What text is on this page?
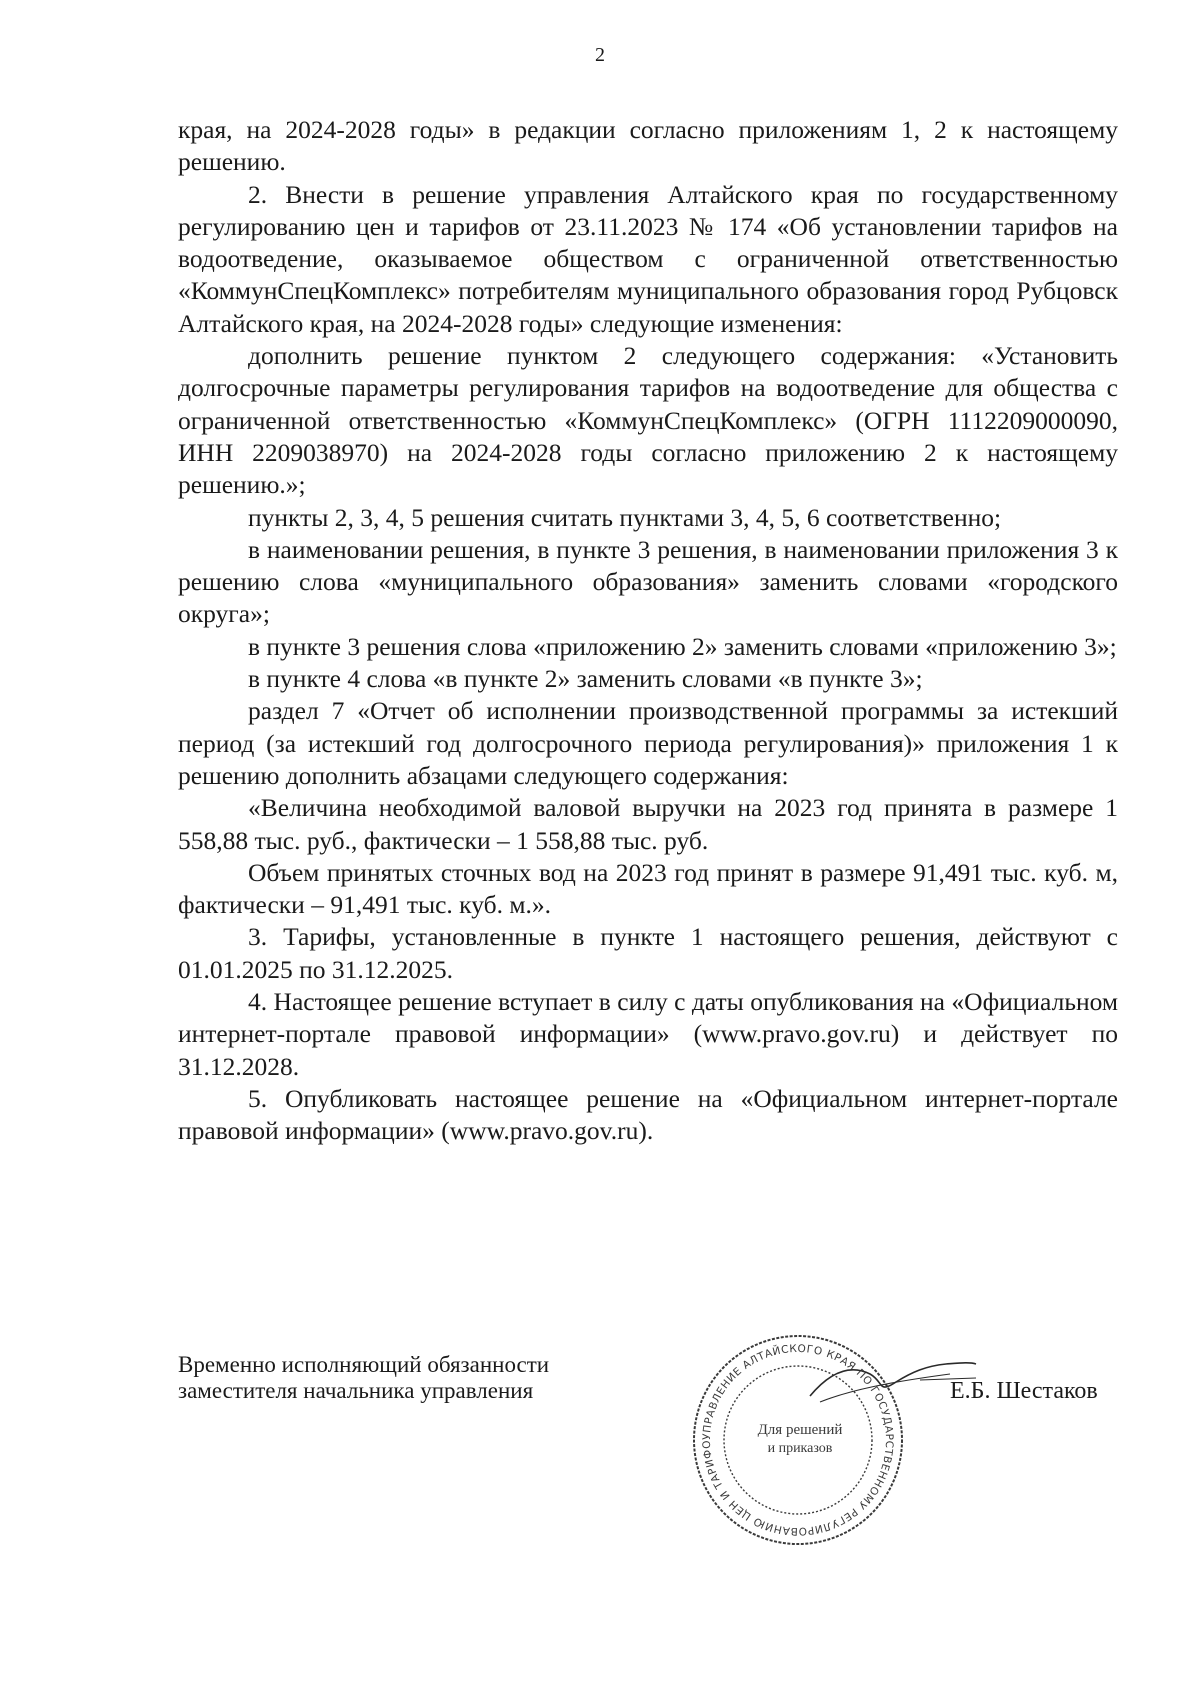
2

края, на 2024-2028 годы» в редакции согласно приложениям 1, 2 к настоящему решению.

2. Внести в решение управления Алтайского края по государственному регулированию цен и тарифов от 23.11.2023 № 174 «Об установлении тарифов на водоотведение, оказываемое обществом с ограниченной ответственностью «КоммунСпецКомплекс» потребителям муниципального образования город Рубцовск Алтайского края, на 2024-2028 годы» следующие изменения:

дополнить решение пунктом 2 следующего содержания: «Установить долгосрочные параметры регулирования тарифов на водоотведение для общества с ограниченной ответственностью «КоммунСпецКомплекс» (ОГРН 1112209000090, ИНН 2209038970) на 2024-2028 годы согласно приложению 2 к настоящему решению.»;

пункты 2, 3, 4, 5 решения считать пунктами 3, 4, 5, 6 соответственно;

в наименовании решения, в пункте 3 решения, в наименовании приложения 3 к решению слова «муниципального образования» заменить словами «городского округа»;

в пункте 3 решения слова «приложению 2» заменить словами «приложению 3»;

в пункте 4 слова «в пункте 2» заменить словами «в пункте 3»;

раздел 7 «Отчет об исполнении производственной программы за истекший период (за истекший год долгосрочного периода регулирования)» приложения 1 к решению дополнить абзацами следующего содержания:

«Величина необходимой валовой выручки на 2023 год принята в размере 1 558,88 тыс. руб., фактически – 1 558,88 тыс. руб.

Объем принятых сточных вод на 2023 год принят в размере 91,491 тыс. куб. м, фактически – 91,491 тыс. куб. м.».

3. Тарифы, установленные в пункте 1 настоящего решения, действуют с 01.01.2025 по 31.12.2025.

4. Настоящее решение вступает в силу с даты опубликования на «Официальном интернет-портале правовой информации» (www.pravo.gov.ru) и действует по 31.12.2028.

5. Опубликовать настоящее решение на «Официальном интернет-портале правовой информации» (www.pravo.gov.ru).

Временно исполняющий обязанности
заместителя начальника управления
УПРАВЛЕНИЕ АЛТАЙСКОГО КРАЯ ПО ГОСУДАРСТВЕННОМУ РЕГУЛИРОВАНИЮ ЦЕН И ТАРИФО
Для решений
и приказов
Е.Б. Шестаков
